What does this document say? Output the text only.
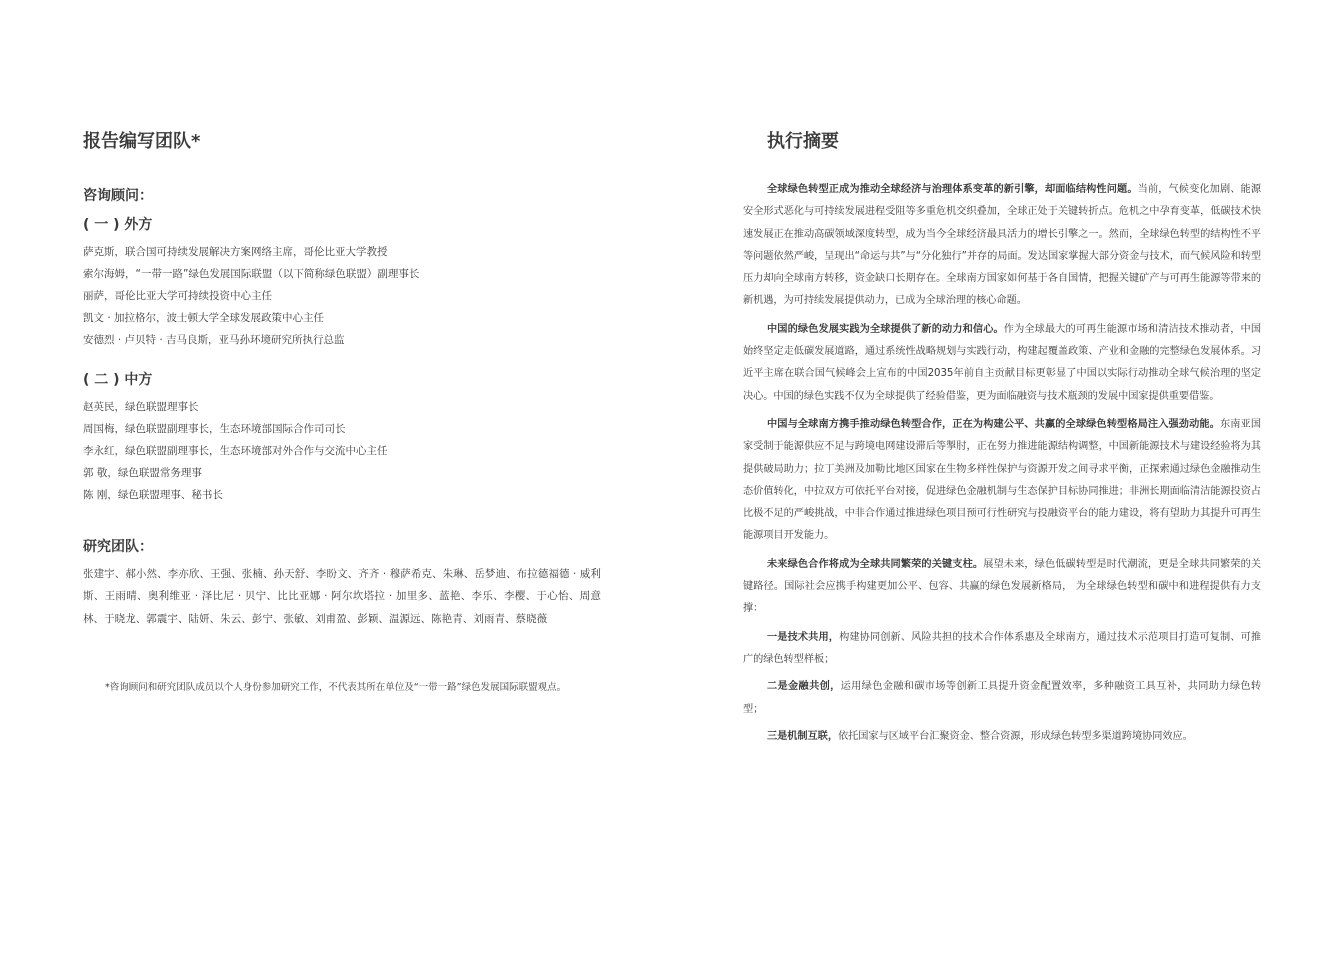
报告编写团队*
咨询顾问：
( 一 ) 外方
萨克斯，联合国可持续发展解决方案网络主席，哥伦比亚大学教授
索尔海姆，“一带一路”绿色发展国际联盟（以下简称绿色联盟）副理事长
丽萨，哥伦比亚大学可持续投资中心主任
凯文 · 加拉格尔，波士顿大学全球发展政策中心主任
安德烈 · 卢贝特 · 吉马良斯，亚马孙环境研究所执行总监
( 二 ) 中方
赵英民，绿色联盟理事长
周国梅，绿色联盟副理事长，生态环境部国际合作司司长
李永红，绿色联盟副理事长，生态环境部对外合作与交流中心主任
郭 敬，绿色联盟常务理事
陈 刚，绿色联盟理事、秘书长
研究团队：

张建宇、郝小然、李亦欣、王强、张楠、孙天舒、李盼文、齐齐 · 穆萨希克、朱琳、岳梦迪、布拉德福德 · 威利斯、王雨晴、奥利维亚 · 泽比尼 · 贝宁、比比亚娜 · 阿尔坎塔拉 · 加里多、蓝艳、李乐、李樱、于心怡、周意林、于晓龙、郭震宇、陆妍、朱云、彭宁、张敏、刘甫盈、彭颖、温源远、陈艳青、刘雨青、蔡晓薇

*咨询顾问和研究团队成员以个人身份参加研究工作，不代表其所在单位及“一带一路”绿色发展国际联盟观点。

执行摘要

全球绿色转型正成为推动全球经济与治理体系变革的新引擎，却面临结构性问题。当前，气候变化加剧、能源安全形式恶化与可持续发展进程受阻等多重危机交织叠加，全球正处于关键转折点。危机之中孕育变革，低碳技术快速发展正在推动高碳领域深度转型，成为当今全球经济最具活力的增长引擎之一。然而，全球绿色转型的结构性不平等问题依然严峻，呈现出“命运与共”与“分化独行”并存的局面。发达国家掌握大部分资金与技术，而气候风险和转型压力却向全球南方转移，资金缺口长期存在。全球南方国家如何基于各自国情，把握关键矿产与可再生能源等带来的新机遇，为可持续发展提供动力，已成为全球治理的核心命题。

中国的绿色发展实践为全球提供了新的动力和信心。作为全球最大的可再生能源市场和清洁技术推动者，中国始终坚定走低碳发展道路，通过系统性战略规划与实践行动，构建起覆盖政策、产业和金融的完整绿色发展体系。习近平主席在联合国气候峰会上宣布的中国2035年前自主贡献目标更彰显了中国以实际行动推动全球气候治理的坚定决心。中国的绿色实践不仅为全球提供了经验借鉴，更为面临融资与技术瓶颈的发展中国家提供重要借鉴。

中国与全球南方携手推动绿色转型合作，正在为构建公平、共赢的全球绿色转型格局注入强劲动能。东南亚国家受制于能源供应不足与跨境电网建设滞后等掣肘，正在努力推进能源结构调整，中国新能源技术与建设经验将为其提供破局助力；拉丁美洲及加勒比地区国家在生物多样性保护与资源开发之间寻求平衡，正探索通过绿色金融推动生态价值转化，中拉双方可依托平台对接，促进绿色金融机制与生态保护目标协同推进；非洲长期面临清洁能源投资占比极不足的严峻挑战，中非合作通过推进绿色项目预可行性研究与投融资平台的能力建设，将有望助力其提升可再生能源项目开发能力。

未来绿色合作将成为全球共同繁荣的关键支柱。展望未来，绿色低碳转型是时代潮流，更是全球共同繁荣的关键路径。国际社会应携手构建更加公平、包容、共赢的绿色发展新格局， 为全球绿色转型和碳中和进程提供有力支撑：

一是技术共用，构建协同创新、风险共担的技术合作体系惠及全球南方，通过技术示范项目打造可复制、可推广的绿色转型样板；

二是金融共创，运用绿色金融和碳市场等创新工具提升资金配置效率，多种融资工具互补，共同助力绿色转型；

三是机制互联，依托国家与区域平台汇聚资金、整合资源，形成绿色转型多渠道跨境协同效应。
